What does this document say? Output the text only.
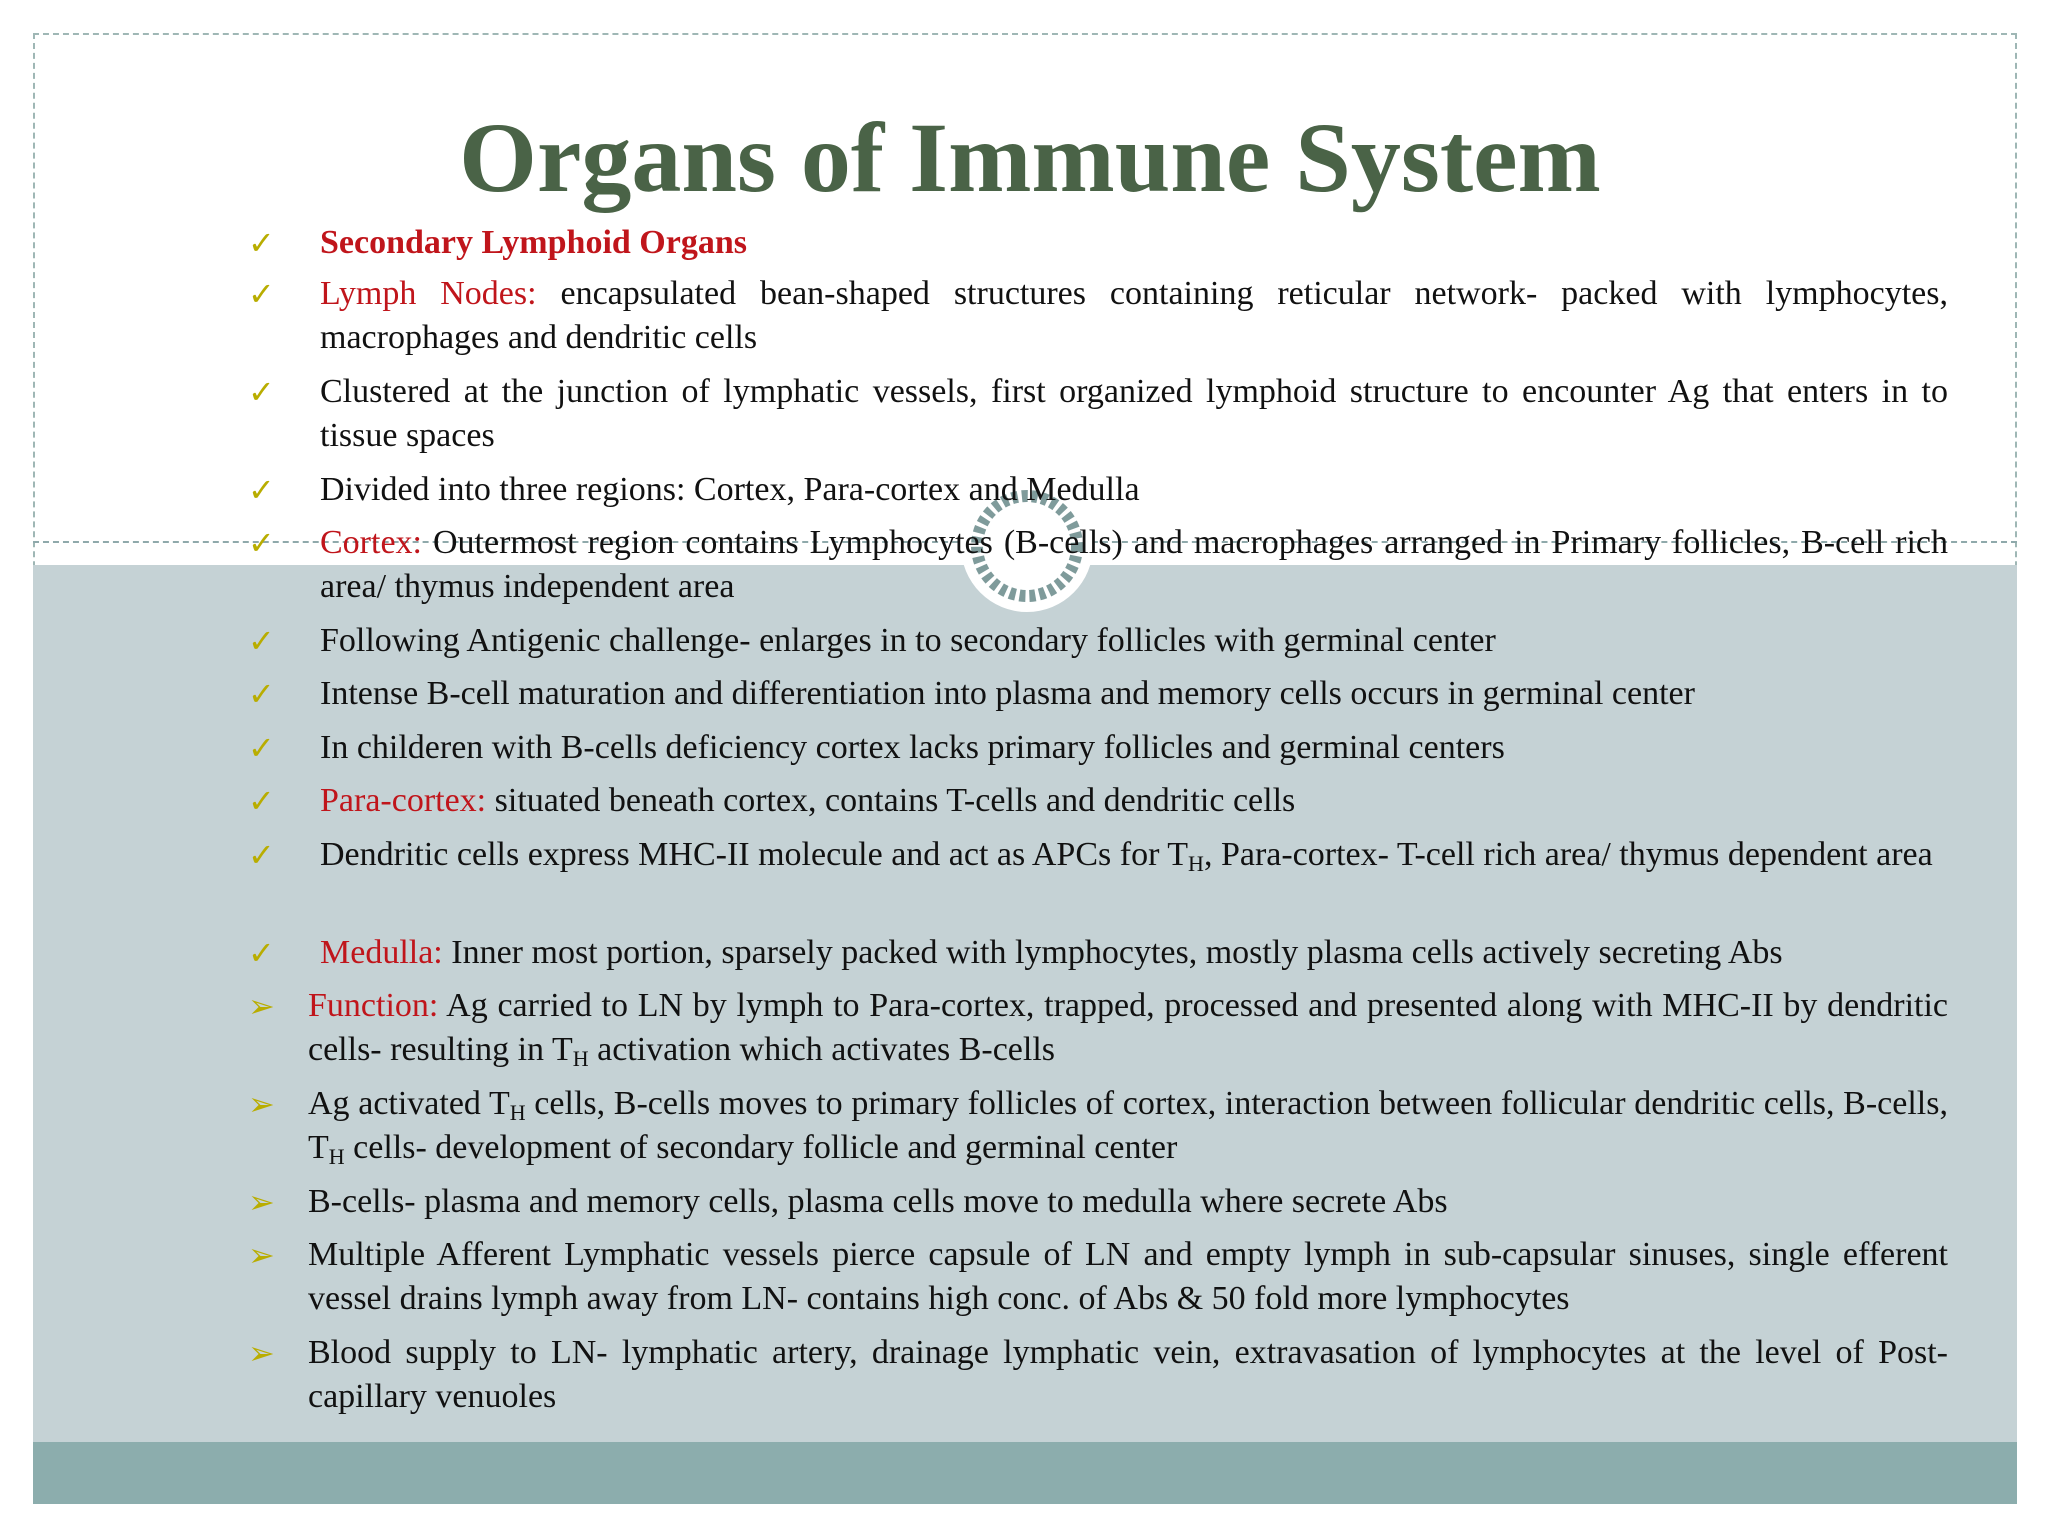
Organs of Immune System
✓	Secondary Lymphoid Organs
✓	Lymph Nodes: encapsulated bean-shaped structures containing reticular network- packed with lymphocytes, macrophages and dendritic cells
✓	Clustered at the junction of lymphatic vessels, first organized lymphoid structure to encounter Ag that enters in to tissue spaces
✓	Divided into three regions: Cortex, Para-cortex and Medulla
✓	Cortex: Outermost region contains Lymphocytes (B-cells) and macrophages arranged in Primary follicles, B-cell rich area/ thymus independent area
✓	Following Antigenic challenge- enlarges in to secondary follicles with germinal center
✓	Intense B-cell maturation and differentiation into plasma and memory cells occurs in germinal center
✓	In childeren with B-cells deficiency cortex lacks primary follicles and germinal centers
✓	Para-cortex: situated beneath cortex, contains T-cells and dendritic cells
✓	Dendritic cells express MHC-II molecule and act as APCs for $T_H$, Para-cortex- T-cell rich area/ thymus dependent area
✓	Medulla: Inner most portion, sparsely packed with lymphocytes, mostly plasma cells actively secreting Abs
➢ Function: Ag carried to LN by lymph to Para-cortex, trapped, processed and presented along with MHC-II by dendritic cells- resulting in $T_H$ activation which activates B-cells
➢ Ag activated $T_H$ cells, B-cells moves to primary follicles of cortex, interaction between follicular dendritic cells, B-cells, $T_H$ cells- development of secondary follicle and germinal center
➢ B-cells- plasma and memory cells, plasma cells move to medulla where secrete Abs
➢ Multiple Afferent Lymphatic vessels pierce capsule of LN and empty lymph in sub-capsular sinuses, single efferent vessel drains lymph away from LN- contains high conc. of Abs & 50 fold more lymphocytes
➢ Blood supply to LN- lymphatic artery, drainage lymphatic vein, extravasation of lymphocytes at the level of Post-capillary venuoles
